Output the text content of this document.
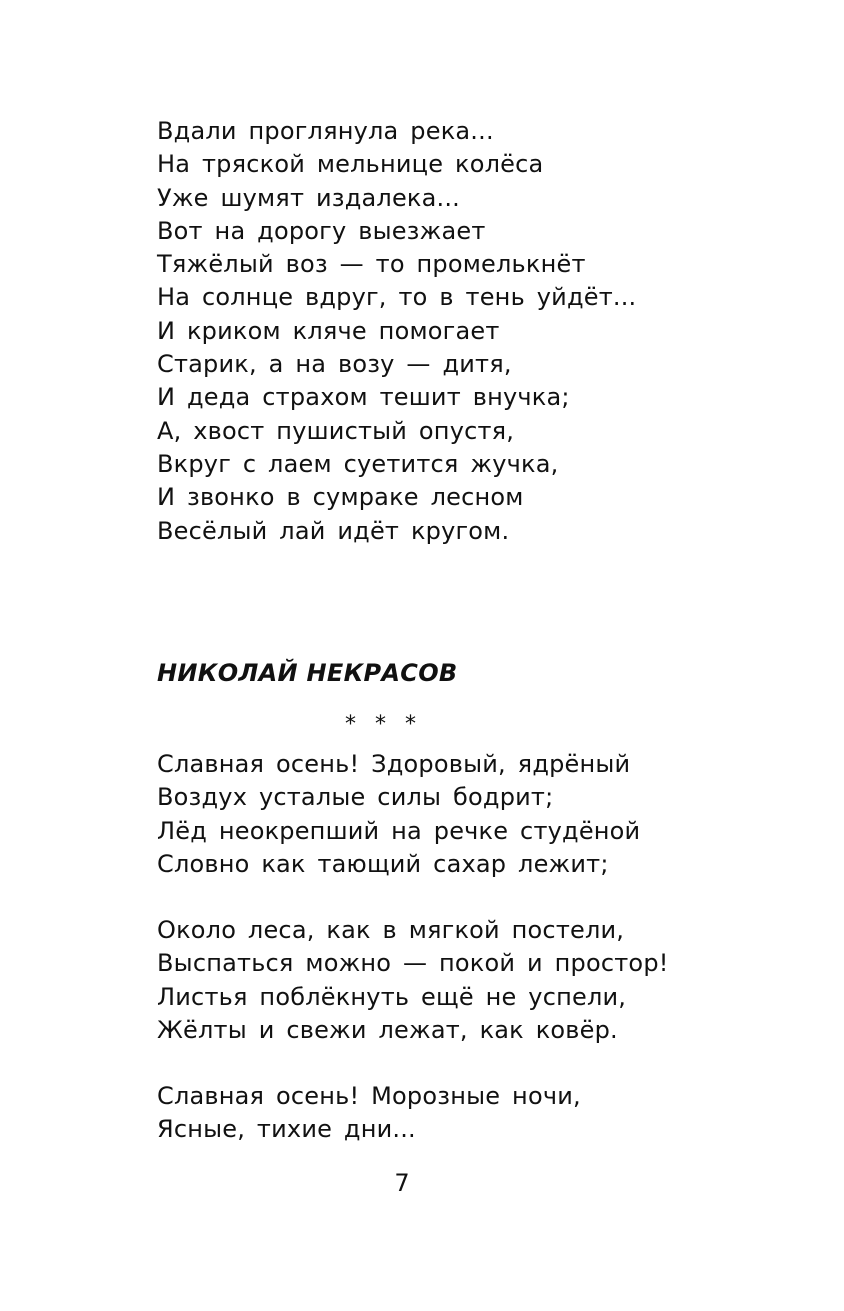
Вдали проглянула река...
На тряской мельнице колёса
Уже шумят издалека...
Вот на дорогу выезжает
Тяжёлый воз — то промелькнёт
На солнце вдруг, то в тень уйдёт...
И криком кляче помогает
Старик, а на возу — дитя,
И деда страхом тешит внучка;
А, хвост пушистый опустя,
Вкруг с лаем суетится жучка,
И звонко в сумраке лесном
Весёлый лай идёт кругом.
НИКОЛАЙ НЕКРАСОВ
* * *
Славная осень! Здоровый, ядрёный
Воздух усталые силы бодрит;
Лёд неокрепший на речке студёной
Словно как тающий сахар лежит;
Около леса, как в мягкой постели,
Выспаться можно — покой и простор!
Листья поблёкнуть ещё не успели,
Жёлты и свежи лежат, как ковёр.
Славная осень! Морозные ночи,
Ясные, тихие дни...
7
